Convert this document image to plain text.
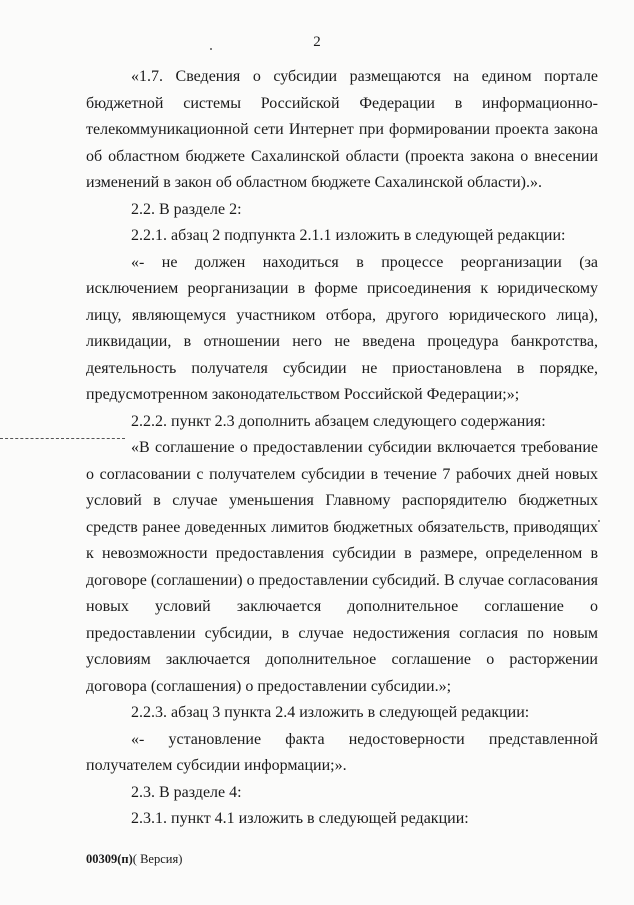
2

«1.7. Сведения о субсидии размещаются на едином портале бюджетной системы Российской Федерации в информационно-телекоммуникационной сети Интернет при формировании проекта закона об областном бюджете Сахалинской области (проекта закона о внесении изменений в закон об областном бюджете Сахалинской области).».

2.2. В разделе 2:

2.2.1. абзац 2 подпункта 2.1.1 изложить в следующей редакции:

«- не должен находиться в процессе реорганизации (за исключением реорганизации в форме присоединения к юридическому лицу, являющемуся участником отбора, другого юридического лица), ликвидации, в отношении него не введена процедура банкротства, деятельность получателя субсидии не приостановлена в порядке, предусмотренном законодательством Российской Федерации;»;

2.2.2. пункт 2.3 дополнить абзацем следующего содержания:

«В соглашение о предоставлении субсидии включается требование о согласовании с получателем субсидии в течение 7 рабочих дней новых условий в случае уменьшения Главному распорядителю бюджетных средств ранее доведенных лимитов бюджетных обязательств, приводящих к невозможности предоставления субсидии в размере, определенном в договоре (соглашении) о предоставлении субсидий. В случае согласования новых условий заключается дополнительное соглашение о предоставлении субсидии, в случае недостижения согласия по новым условиям заключается дополнительное соглашение о расторжении договора (соглашения) о предоставлении субсидии.»;

2.2.3. абзац 3 пункта 2.4 изложить в следующей редакции:

«- установление факта недостоверности представленной получателем субсидии информации;».

2.3. В разделе 4:

2.3.1. пункт 4.1 изложить в следующей редакции:

00309(п)( Версия)
